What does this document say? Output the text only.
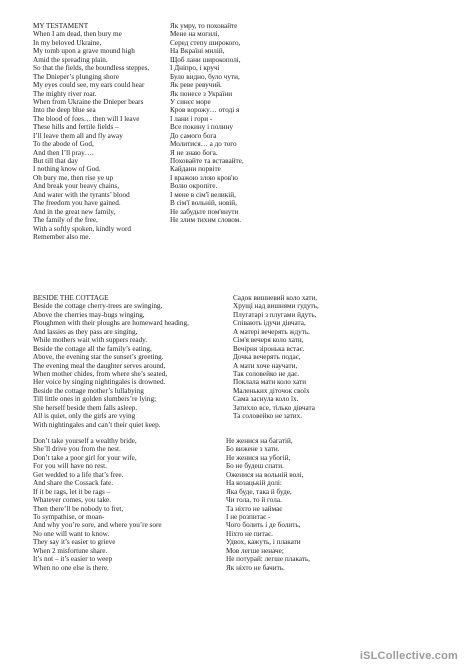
MY TESTAMENT
When I am dead, then bury me
In my beloved Ukraine,
My tomb upon a grave mound high
Amid the spreading plain.
So that the fields, the boundless steppes,
The Dnieper’s plunging shore
My eyes could see, my ears could hear
The mighty river roar.
When from Ukraine the Dnieper bears
Into the deep blue sea
The blood of foes… then will I leave
These hills and fertile fields –
I’ll leave them all and fly away
To the abode of God,
And then I’ll pray….
But till that day
I nothing know of God.
Oh bury me, then rise ye up
And break your heavy chains,
And water with the tyrants’ blood
The freedom you have gained.
And in the great new family,
The family of the free,
With a softly spoken, kindly word
Remember also me.
Як умру, то поховайте
Мене на могилі,
Серед степу широкого,
На Вкраїні милій,
Щоб лани широкополі,
І Дніпро, і кручі
Було видно, було чути,
Як реве ревучий.
Як понесе з України
У синєє море
Кров ворожу… отоді я
І лани і гори -
Все покину і полину
До самого бога
Молитися… а до того
Я не знаю бога.
Поховайте та вставайте,
Кайдани порвіте
І вражою злою кров'ю
Волю окропіте.
І мене в сім'ї великій,
В сім'ї вольній, новій,
Не забудьте пом'янути
Не злим тихим словом.
BESIDE THE COTTAGE
Beside the cottage cherry-trees are swinging,
Above the cherries may-bugs winging,
Ploughmen with their ploughs are homeward heading,
And lassies as they pass are singing,
While mothers wait with suppers ready.
Beside the cottage all the family’s eating,
Above, the evening star the sunset’s greeting.
The evening meal the daughter serves around,
When mother chides, from where she’s seated,
Her voice by singing nightingales is drowned.
Beside the cottage mother’s lullabying
Till little ones in golden slumbers’re lying;
She herself beside them falls asleep.
All is quiet, only the girls are vying
With nightingales and can’t their quiet keep.
Садок вишневий коло хати,
Хрущі над вишнями гудуть,
Плугатарі з плугами йдуть,
Співають ідучи дівчата,
А матері вечерять ждуть.
Сім'я вечеря коло хати,
Вечірня зіронька встає.
Дочка вечерять подає,
А мати хоче научати,
Так соловейко не дає.
Поклала мати коло хати
Маленьких діточок своїх
Сама заснула коло їх.
Затихло все, тілько дівчата
Та соловейко не затих.
Don’t take yourself a wealthy bride,
She’ll drive you from the nest.
Don’t take a poor girl for your wife,
For you will have no rest.
Get wedded to a life that’s free.
And share the Cossack fate.
If it be rags, let it be rags –
Whatever comes, you take.
Then there’ll be nobody to fret,
To sympathise, or moan-
And why you’re sore, and where you’re sore
No one will want to know.
They say it’s easier to grieve
When 2 misfortune share.
It’s not – it’s easier to weep
When no one else is there.
Не женися на багатій,
Бо вижене з хати.
Не женися на убогій,
Бо не будеш спати.
Оженися на вольній волі,
На козацькій долі:
Яка буде, така й буде,
Чи гола, то й гола.
Та ніхто не займає
І не розпитає -
Чого болить і де болить,
Ніхто не питає.
Удвох, кажуть, і плакати
Мов легше неначе;
Не потурай: легше плакать,
Як ніхто не бачить.
iSLCollective.com
